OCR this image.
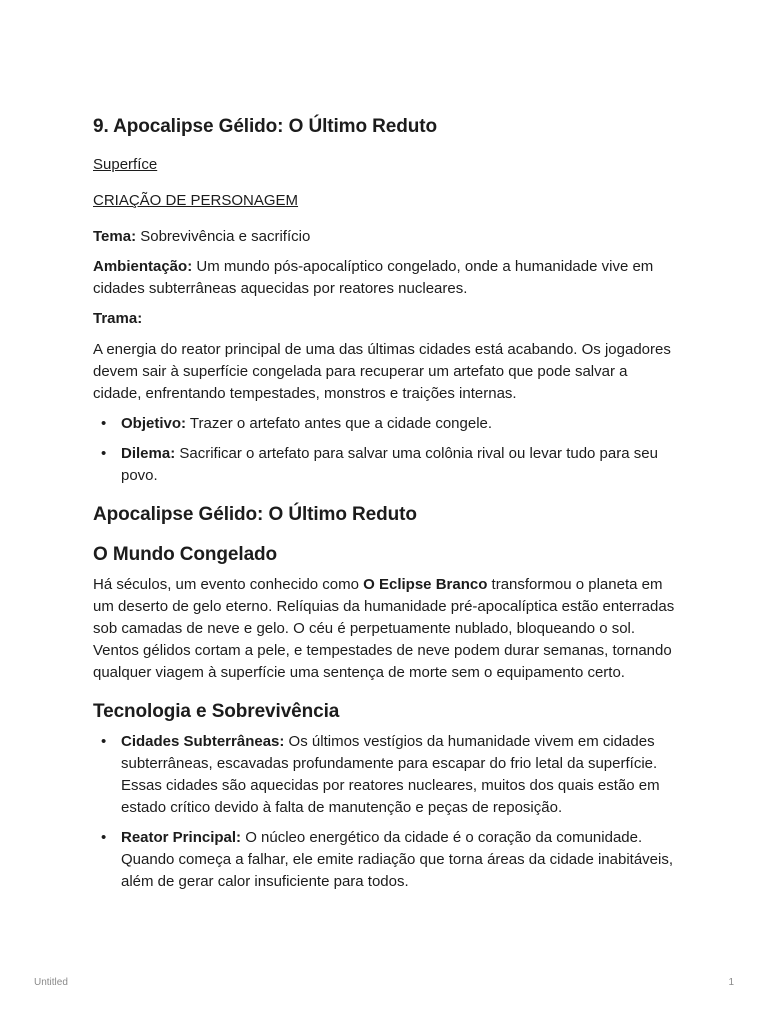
9. Apocalipse Gélido: O Último Reduto
Superfíce
CRIAÇÃO DE PERSONAGEM

Tema: Sobrevivência e sacrifício

Ambientação: Um mundo pós-apocalíptico congelado, onde a humanidade vive em cidades subterrâneas aquecidas por reatores nucleares.

Trama:

A energia do reator principal de uma das últimas cidades está acabando. Os jogadores devem sair à superfície congelada para recuperar um artefato que pode salvar a cidade, enfrentando tempestades, monstros e traições internas.

• Objetivo: Trazer o artefato antes que a cidade congele.
• Dilema: Sacrificar o artefato para salvar uma colônia rival ou levar tudo para seu povo.
Apocalipse Gélido: O Último Reduto
O Mundo Congelado

Há séculos, um evento conhecido como O Eclipse Branco transformou o planeta em um deserto de gelo eterno. Relíquias da humanidade pré-apocalíptica estão enterradas sob camadas de neve e gelo. O céu é perpetuamente nublado, bloqueando o sol. Ventos gélidos cortam a pele, e tempestades de neve podem durar semanas, tornando qualquer viagem à superfície uma sentença de morte sem o equipamento certo.

Tecnologia e Sobrevivência
• Cidades Subterrâneas: Os últimos vestígios da humanidade vivem em cidades subterrâneas, escavadas profundamente para escapar do frio letal da superfície. Essas cidades são aquecidas por reatores nucleares, muitos dos quais estão em estado crítico devido à falta de manutenção e peças de reposição.
• Reator Principal: O núcleo energético da cidade é o coração da comunidade. Quando começa a falhar, ele emite radiação que torna áreas da cidade inabitáveis, além de gerar calor insuficiente para todos.
Untitled	1
